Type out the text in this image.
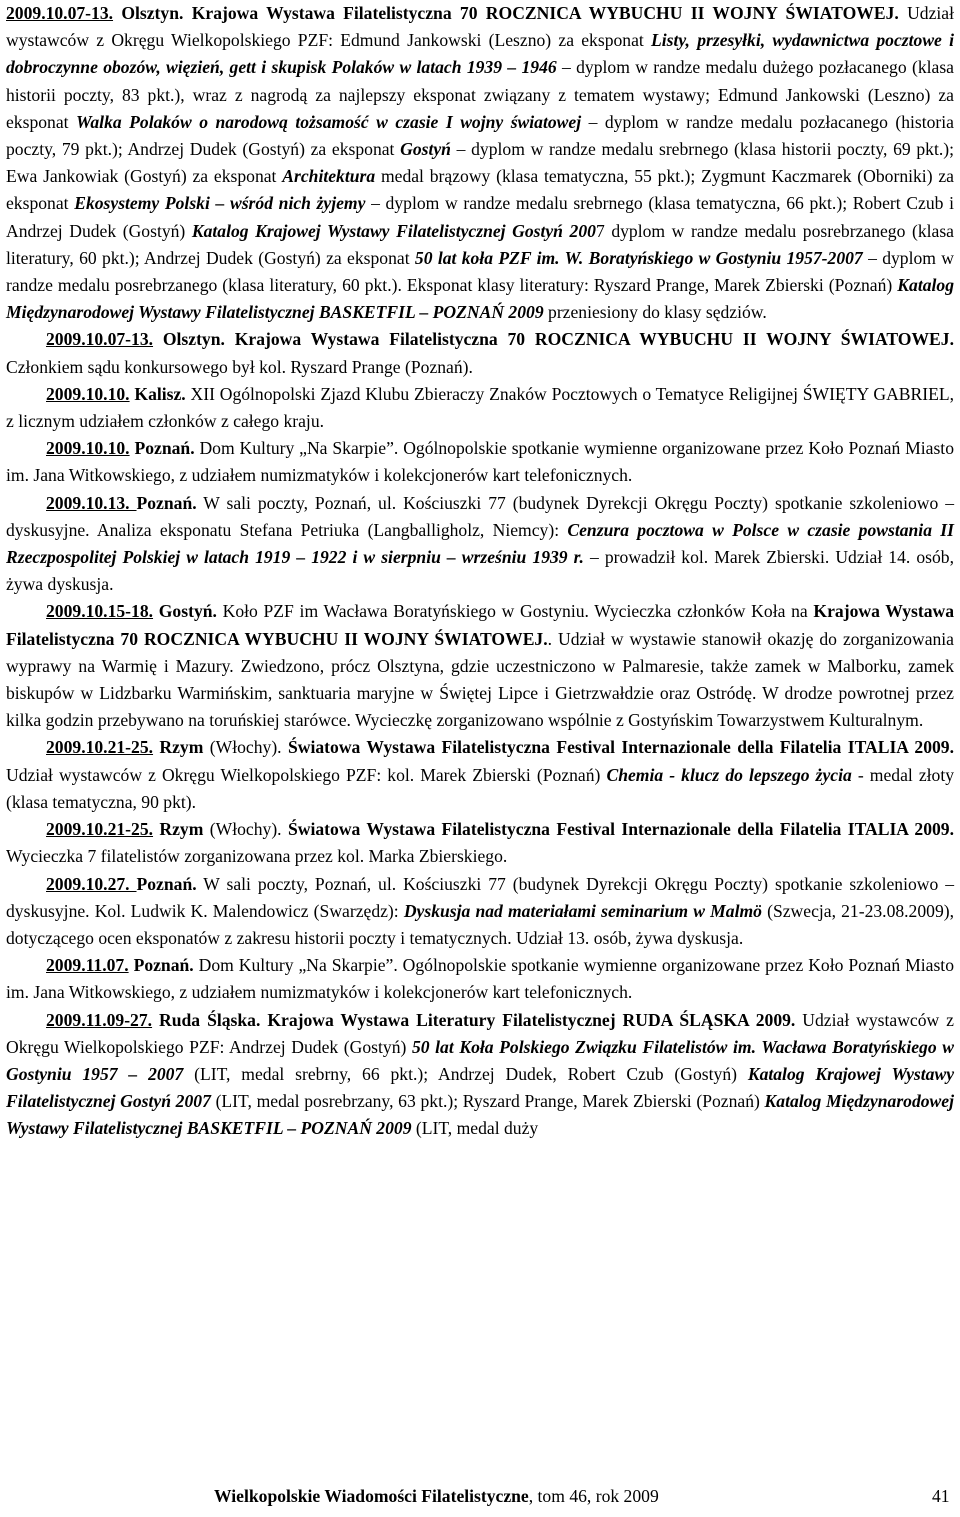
2009.10.07-13. Olsztyn. Krajowa Wystawa Filatelistyczna 70 ROCZNICA WYBUCHU II WOJNY ŚWIATOWEJ. Udział wystawców z Okręgu Wielkopolskiego PZF: Edmund Jankowski (Leszno) za eksponat Listy, przesyłki, wydawnictwa pocztowe i dobroczynne obozów, więzień, gett i skupisk Polaków w latach 1939 – 1946 – dyplom w randze medalu dużego pozłacanego (klasa historii poczty, 83 pkt.), wraz z nagrodą za najlepszy eksponat związany z tematem wystawy; Edmund Jankowski (Leszno) za eksponat Walka Polaków o narodową tożsamość w czasie I wojny światowej – dyplom w randze medalu pozłacanego (historia poczty, 79 pkt.); Andrzej Dudek (Gostyń) za eksponat Gostyń – dyplom w randze medalu srebrnego (klasa historii poczty, 69 pkt.); Ewa Jankowiak (Gostyń) za eksponat Architektura medal brązowy (klasa tematyczna, 55 pkt.); Zygmunt Kaczmarek (Oborniki) za eksponat Ekosystemy Polski – wśród nich żyjemy – dyplom w randze medalu srebrnego (klasa tematyczna, 66 pkt.); Robert Czub i Andrzej Dudek (Gostyń) Katalog Krajowej Wystawy Filatelistycznej Gostyń 2007 dyplom w randze medalu posrebrzanego (klasa literatury, 60 pkt.); Andrzej Dudek (Gostyń) za eksponat 50 lat koła PZF im. W. Boratyńskiego w Gostyniu 1957-2007 – dyplom w randze medalu posrebrzanego (klasa literatury, 60 pkt.). Eksponat klasy literatury: Ryszard Prange, Marek Zbierski (Poznań) Katalog Międzynarodowej Wystawy Filatelistycznej BASKETFIL – POZNAŃ 2009 przeniesiony do klasy sędziów.

2009.10.07-13. Olsztyn. Krajowa Wystawa Filatelistyczna 70 ROCZNICA WYBUCHU II WOJNY ŚWIATOWEJ. Członkiem sądu konkursowego był kol. Ryszard Prange (Poznań).

2009.10.10. Kalisz. XII Ogólnopolski Zjazd Klubu Zbieraczy Znaków Pocztowych o Tematyce Religijnej ŚWIĘTY GABRIEL, z licznym udziałem członków z całego kraju.

2009.10.10. Poznań. Dom Kultury „Na Skarpie”. Ogólnopolskie spotkanie wymienne organizowane przez Koło Poznań Miasto im. Jana Witkowskiego, z udziałem numizmatyków i kolekcjonerów kart telefonicznych.

2009.10.13. Poznań. W sali poczty, Poznań, ul. Kościuszki 77 (budynek Dyrekcji Okręgu Poczty) spotkanie szkoleniowo – dyskusyjne. Analiza eksponatu Stefana Petriuka (Langballigholz, Niemcy): Cenzura pocztowa w Polsce w czasie powstania II Rzeczpospolitej Polskiej w latach 1919 – 1922 i w sierpniu – wrześniu 1939 r. – prowadził kol. Marek Zbierski. Udział 14. osób, żywa dyskusja.

2009.10.15-18. Gostyń. Koło PZF im Wacława Boratyńskiego w Gostyniu. Wycieczka członków Koła na Krajowa Wystawa Filatelistyczna 70 ROCZNICA WYBUCHU II WOJNY ŚWIATOWEJ.. Udział w wystawie stanowił okazję do zorganizowania wyprawy na Warmię i Mazury. Zwiedzono, prócz Olsztyna, gdzie uczestniczono w Palmaresie, także zamek w Malborku, zamek biskupów w Lidzbarku Warmińskim, sanktuaria maryjne w Świętej Lipce i Gietrzwałdzie oraz Ostródę. W drodze powrotnej przez kilka godzin przebywano na toruńskiej starówce. Wycieczkę zorganizowano wspólnie z Gostyńskim Towarzystwem Kulturalnym.

2009.10.21-25. Rzym (Włochy). Światowa Wystawa Filatelistyczna Festival Internazionale della Filatelia ITALIA 2009. Udział wystawców z Okręgu Wielkopolskiego PZF: kol. Marek Zbierski (Poznań) Chemia - klucz do lepszego życia - medal złoty (klasa tematyczna, 90 pkt).

2009.10.21-25. Rzym (Włochy). Światowa Wystawa Filatelistyczna Festival Internazionale della Filatelia ITALIA 2009. Wycieczka 7 filatelistów zorganizowana przez kol. Marka Zbierskiego.

2009.10.27. Poznań. W sali poczty, Poznań, ul. Kościuszki 77 (budynek Dyrekcji Okręgu Poczty) spotkanie szkoleniowo – dyskusyjne. Kol. Ludwik K. Malendowicz (Swarzędz): Dyskusja nad materiałami seminarium w Malmö (Szwecja, 21-23.08.2009), dotyczącego ocen eksponatów z zakresu historii poczty i tematycznych. Udział 13. osób, żywa dyskusja.

2009.11.07. Poznań. Dom Kultury „Na Skarpie”. Ogólnopolskie spotkanie wymienne organizowane przez Koło Poznań Miasto im. Jana Witkowskiego, z udziałem numizmatyków i kolekcjonerów kart telefonicznych.

2009.11.09-27. Ruda Śląska. Krajowa Wystawa Literatury Filatelistycznej RUDA ŚLĄSKA 2009. Udział wystawców z Okręgu Wielkopolskiego PZF: Andrzej Dudek (Gostyń) 50 lat Koła Polskiego Związku Filatelistów im. Wacława Boratyńskiego w Gostyniu 1957 – 2007 (LIT, medal srebrny, 66 pkt.); Andrzej Dudek, Robert Czub (Gostyń) Katalog Krajowej Wystawy Filatelistycznej Gostyń 2007 (LIT, medal posrebrzany, 63 pkt.); Ryszard Prange, Marek Zbierski (Poznań) Katalog Międzynarodowej Wystawy Filatelistycznej BASKETFIL – POZNAŃ 2009 (LIT, medal duży

Wielkopolskie Wiadomości Filatelistyczne, tom 46, rok 2009	41
